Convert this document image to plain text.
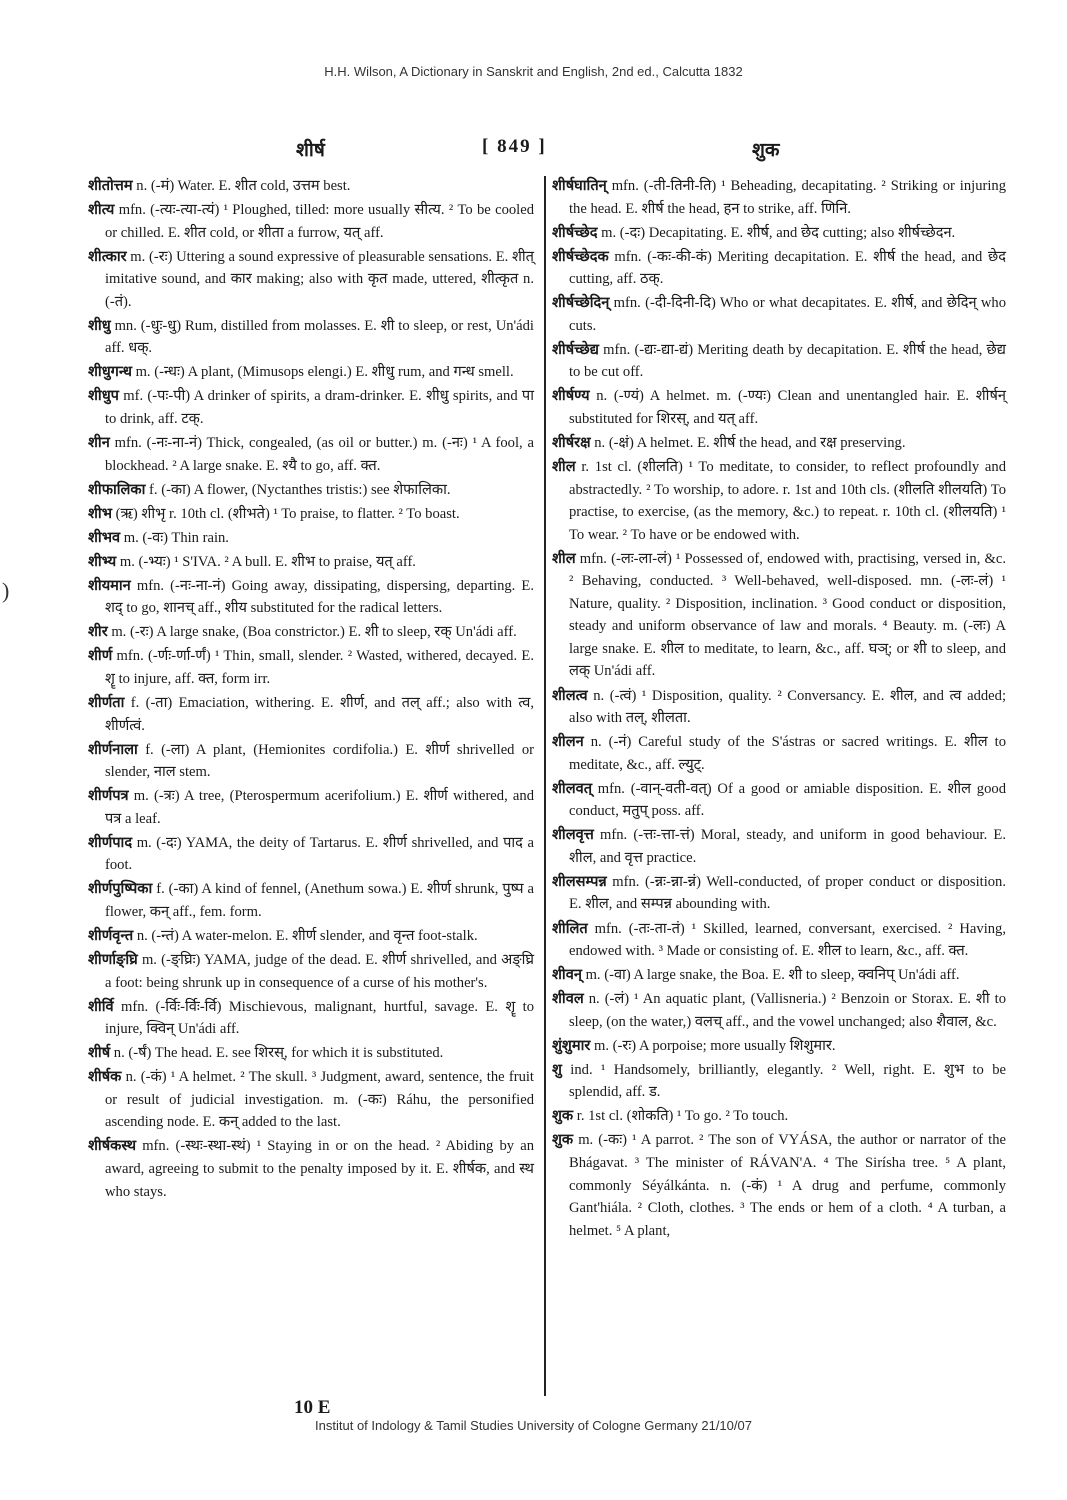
H.H. Wilson, A Dictionary in Sanskrit and English, 2nd ed., Calcutta 1832
शीर्ष	[ 849 ]	शुक
)

शीतोत्तम n. (-मं) Water. E. शीत cold, उत्तम best.

शीत्य mfn. (-त्यः-त्या-त्यं) ¹ Ploughed, tilled: more usually सीत्य. ² To be cooled or chilled. E. शीत cold, or शीता a furrow, यत् aff.

शीत्कार m. (-रः) Uttering a sound expressive of pleasurable sensations. E. शीत् imitative sound, and कार making; also with कृत made, uttered, शीत्कृत n. (-तं).

शीधु mn. (-धुः-धु) Rum, distilled from molasses. E. शी to sleep, or rest, Un'ádi aff. धक्.

शीधुगन्ध m. (-न्धः) A plant, (Mimusops elengi.) E. शीधु rum, and गन्ध smell.

शीधुप mf. (-पः-पी) A drinker of spirits, a dram-drinker. E. शीधु spirits, and पा to drink, aff. टक्.

शीन mfn. (-नः-ना-नं) Thick, congealed, (as oil or butter.) m. (-नः) ¹ A fool, a blockhead. ² A large snake. E. श्यै to go, aff. क्त.

शीफालिका f. (-का) A flower, (Nyctanthes tristis:) see शेफालिका.

शीभ (ऋ) शीभृ r. 10th cl. (शीभते) ¹ To praise, to flatter. ² To boast.

शीभव m. (-वः) Thin rain.

शीभ्य m. (-भ्यः) ¹ S'IVA. ² A bull. E. शीभ to praise, यत् aff.

शीयमान mfn. (-नः-ना-नं) Going away, dissipating, dispersing, departing. E. शद् to go, शानच् aff., शीय substituted for the radical letters.

शीर m. (-रः) A large snake, (Boa constrictor.) E. शी to sleep, रक् Un'ádi aff.

शीर्ण mfn. (-र्णः-र्णा-र्णं) ¹ Thin, small, slender. ² Wasted, withered, decayed. E. शॄ to injure, aff. क्त, form irr.

शीर्णता f. (-ता) Emaciation, withering. E. शीर्ण, and तल् aff.; also with त्व, शीर्णत्वं.

शीर्णनाला f. (-ला) A plant, (Hemionites cordifolia.) E. शीर्ण shrivelled or slender, नाल stem.

शीर्णपत्र m. (-त्रः) A tree, (Pterospermum acerifolium.) E. शीर्ण withered, and पत्र a leaf.

शीर्णपाद m. (-दः) YAMA, the deity of Tartarus. E. शीर्ण shrivelled, and पाद a foot.

शीर्णपुष्पिका f. (-का) A kind of fennel, (Anethum sowa.) E. शीर्ण shrunk, पुष्प a flower, कन् aff., fem. form.

शीर्णवृन्त n. (-न्तं) A water-melon. E. शीर्ण slender, and वृन्त foot-stalk.

शीर्णाङ्घ्रि m. (-ङ्घ्रिः) YAMA, judge of the dead. E. शीर्ण shrivelled, and अङ्घ्रि a foot: being shrunk up in consequence of a curse of his mother's.

शीर्वि mfn. (-र्विः-र्विः-र्वि) Mischievous, malignant, hurtful, savage. E. शॄ to injure, क्विन् Un'ádi aff.

शीर्ष n. (-र्षं) The head. E. see शिरस्, for which it is substituted.

शीर्षक n. (-कं) ¹ A helmet. ² The skull. ³ Judgment, award, sentence, the fruit or result of judicial investigation. m. (-कः) Ráhu, the personified ascending node. E. कन् added to the last.

शीर्षकस्थ mfn. (-स्थः-स्था-स्थं) ¹ Staying in or on the head. ² Abiding by an award, agreeing to submit to the penalty imposed by it. E. शीर्षक, and स्थ who stays.

शीर्षघातिन् mfn. (-ती-तिनी-ति) ¹ Beheading, decapitating. ² Striking or injuring the head. E. शीर्ष the head, हन to strike, aff. णिनि.

शीर्षच्छेद m. (-दः) Decapitating. E. शीर्ष, and छेद cutting; also शीर्षच्छेदन.

शीर्षच्छेदक mfn. (-कः-की-कं) Meriting decapitation. E. शीर्ष the head, and छेद cutting, aff. ठक्.

शीर्षच्छेदिन् mfn. (-दी-दिनी-दि) Who or what decapitates. E. शीर्ष, and छेदिन् who cuts.

शीर्षच्छेद्य mfn. (-द्यः-द्या-द्यं) Meriting death by decapitation. E. शीर्ष the head, छेद्य to be cut off.

शीर्षण्य n. (-ण्यं) A helmet. m. (-ण्यः) Clean and unentangled hair. E. शीर्षन् substituted for शिरस्, and यत् aff.

शीर्षरक्ष n. (-क्षं) A helmet. E. शीर्ष the head, and रक्ष preserving.

शील r. 1st cl. (शीलति) ¹ To meditate, to consider, to reflect profoundly and abstractedly. ² To worship, to adore. r. 1st and 10th cls. (शीलति शीलयति) To practise, to exercise, (as the memory, &c.) to repeat. r. 10th cl. (शीलयति) ¹ To wear. ² To have or be endowed with.

शील mfn. (-लः-ला-लं) ¹ Possessed of, endowed with, practising, versed in, &c. ² Behaving, conducted. ³ Well-behaved, well-disposed. mn. (-लः-लं) ¹ Nature, quality. ² Disposition, inclination. ³ Good conduct or disposition, steady and uniform observance of law and morals. ⁴ Beauty. m. (-लः) A large snake. E. शील to meditate, to learn, &c., aff. घञ्; or शी to sleep, and लक् Un'ádi aff.

शीलत्व n. (-त्वं) ¹ Disposition, quality. ² Conversancy. E. शील, and त्व added; also with तल्, शीलता.

शीलन n. (-नं) Careful study of the S'ástras or sacred writings. E. शील to meditate, &c., aff. ल्युट्.

शीलवत् mfn. (-वान्-वती-वत्) Of a good or amiable disposition. E. शील good conduct, मतुप् poss. aff.

शीलवृत्त mfn. (-त्तः-त्ता-त्तं) Moral, steady, and uniform in good behaviour. E. शील, and वृत्त practice.

शीलसम्पन्न mfn. (-न्नः-न्ना-न्नं) Well-conducted, of proper conduct or disposition. E. शील, and सम्पन्न abounding with.

शीलित mfn. (-तः-ता-तं) ¹ Skilled, learned, conversant, exercised. ² Having, endowed with. ³ Made or consisting of. E. शील to learn, &c., aff. क्त.

शीवन् m. (-वा) A large snake, the Boa. E. शी to sleep, क्वनिप् Un'ádi aff.

शीवल n. (-लं) ¹ An aquatic plant, (Vallisneria.) ² Benzoin or Storax. E. शी to sleep, (on the water,) वलच् aff., and the vowel unchanged; also शैवाल, &c.

शुंशुमार m. (-रः) A porpoise; more usually शिशुमार.

शु ind. ¹ Handsomely, brilliantly, elegantly. ² Well, right. E. शुभ to be splendid, aff. ड.

शुक r. 1st cl. (शोकति) ¹ To go. ² To touch.

शुक m. (-कः) ¹ A parrot. ² The son of VYÁSA, the author or narrator of the Bhágavat. ³ The minister of RÁVAN'A. ⁴ The Sirísha tree. ⁵ A plant, commonly Séyálkánta. n. (-कं) ¹ A drug and perfume, commonly Gant'hiála. ² Cloth, clothes. ³ The ends or hem of a cloth. ⁴ A turban, a helmet. ⁵ A plant,

10 E
Institut of Indology & Tamil Studies University of Cologne Germany 21/10/07
